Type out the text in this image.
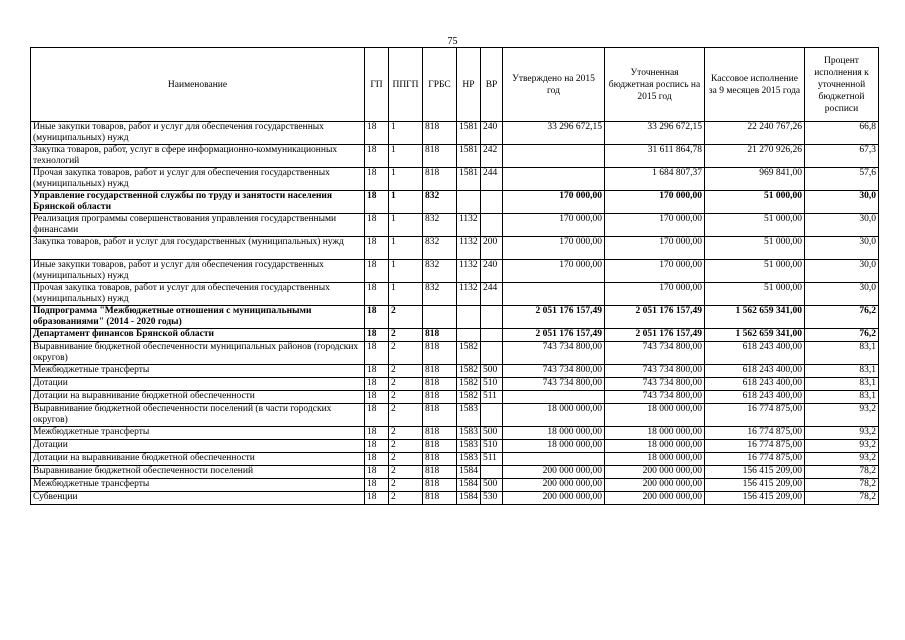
75
Наименование	ГП	ППГП	ГРБС	НР	ВР	Утверждено на 2015 год	Уточненная бюджетная роспись на 2015 год	Кассовое исполнение за 9 месяцев 2015 года	Процент исполнения к уточненной бюджетной росписи
Иные закупки товаров, работ и услуг для обеспечения государственных (муниципальных) нужд	18	1	818	1581	240	33 296 672,15	33 296 672,15	22 240 767,26	66,8
Закупка товаров, работ, услуг в сфере информационно-коммуникационных технологий	18	1	818	1581	242		31 611 864,78	21 270 926,26	67,3
Прочая закупка товаров, работ и услуг для обеспечения государственных (муниципальных) нужд	18	1	818	1581	244		1 684 807,37	969 841,00	57,6
Управление государственной службы по труду и занятости населения Брянской области	18	1	832			170 000,00	170 000,00	51 000,00	30,0
Реализация программы совершенствования управления государственными финансами	18	1	832	1132		170 000,00	170 000,00	51 000,00	30,0
Закупка товаров, работ и услуг для государственных (муниципальных) нужд	18	1	832	1132	200	170 000,00	170 000,00	51 000,00	30,0
Иные закупки товаров, работ и услуг для обеспечения государственных (муниципальных) нужд	18	1	832	1132	240	170 000,00	170 000,00	51 000,00	30,0
Прочая закупка товаров, работ и услуг для обеспечения государственных (муниципальных) нужд	18	1	832	1132	244		170 000,00	51 000,00	30,0
Подпрограмма "Межбюджетные отношения с муниципальными образованиями" (2014 - 2020 годы)	18	2				2 051 176 157,49	2 051 176 157,49	1 562 659 341,00	76,2
Департамент финансов Брянской области	18	2	818			2 051 176 157,49	2 051 176 157,49	1 562 659 341,00	76,2
Выравнивание бюджетной обеспеченности муниципальных районов (городских округов)	18	2	818	1582		743 734 800,00	743 734 800,00	618 243 400,00	83,1
Межбюджетные трансферты	18	2	818	1582	500	743 734 800,00	743 734 800,00	618 243 400,00	83,1
Дотации	18	2	818	1582	510	743 734 800,00	743 734 800,00	618 243 400,00	83,1
Дотации на выравнивание бюджетной обеспеченности	18	2	818	1582	511		743 734 800,00	618 243 400,00	83,1
Выравнивание бюджетной обеспеченности поселений (в части городских округов)	18	2	818	1583		18 000 000,00	18 000 000,00	16 774 875,00	93,2
Межбюджетные трансферты	18	2	818	1583	500	18 000 000,00	18 000 000,00	16 774 875,00	93,2
Дотации	18	2	818	1583	510	18 000 000,00	18 000 000,00	16 774 875,00	93,2
Дотации на выравнивание бюджетной обеспеченности	18	2	818	1583	511		18 000 000,00	16 774 875,00	93,2
Выравнивание бюджетной обеспеченности поселений	18	2	818	1584		200 000 000,00	200 000 000,00	156 415 209,00	78,2
Межбюджетные трансферты	18	2	818	1584	500	200 000 000,00	200 000 000,00	156 415 209,00	78,2
Субвенции	18	2	818	1584	530	200 000 000,00	200 000 000,00	156 415 209,00	78,2
